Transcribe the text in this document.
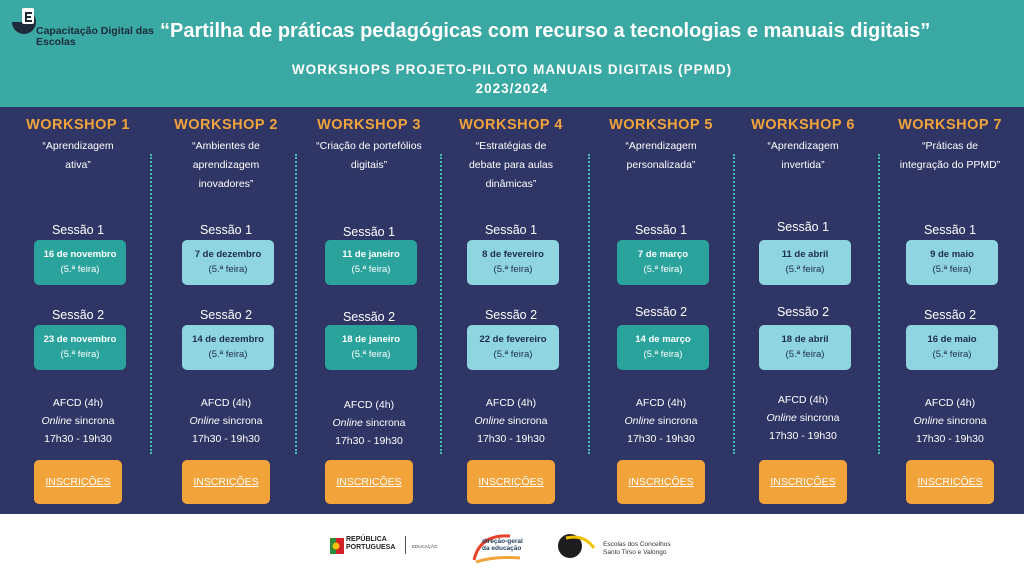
Capacitação Digital das Escolas	“Partilha de práticas pedagógicas com recurso a tecnologias e manuais digitais”
WORKSHOPS PROJETO-PILOTO MANUAIS DIGITAIS (PPMD)
2023/2024
WORKSHOP 1
“Aprendizagem
ativa”
Sessão 1
16 de novembro
(5.ª feira)
Sessão 2
23 de novembro
(5.ª feira)
AFCD (4h)
Online sincrona
17h30 - 19h30
INSCRIÇÕES
WORKSHOP 2
“Ambientes de
aprendizagem
inovadores”
Sessão 1
7 de dezembro
(5.ª feira)
Sessão 2
14 de dezembro
(5.ª feira)
AFCD (4h)
Online sincrona
17h30 - 19h30
INSCRIÇÕES
WORKSHOP 3
“Criação de portefólios
digitais”
Sessão 1
11 de janeiro
(5.ª feira)
Sessão 2
18 de janeiro
(5.ª feira)
AFCD (4h)
Online sincrona
17h30 - 19h30
INSCRIÇÕES
WORKSHOP 4
“Estratégias de
debate para aulas
dinâmicas”
Sessão 1
8 de fevereiro
(5.ª feira)
Sessão 2
22 de fevereiro
(5.ª feira)
AFCD (4h)
Online sincrona
17h30 - 19h30
INSCRIÇÕES
WORKSHOP 5
“Aprendizagem
personalizada”
Sessão 1
7 de março
(5.ª feira)
Sessão 2
14 de março
(5.ª feira)
AFCD (4h)
Online sincrona
17h30 - 19h30
INSCRIÇÕES
WORKSHOP 6
“Aprendizagem
invertida”
Sessão 1
11 de abril
(5.ª feira)
Sessão 2
18 de abril
(5.ª feira)
AFCD (4h)
Online sincrona
17h30 - 19h30
INSCRIÇÕES
WORKSHOP 7
“Práticas de
integração do PPMD”
Sessão 1
9 de maio
(5.ª feira)
Sessão 2
16 de maio
(5.ª feira)
AFCD (4h)
Online sincrona
17h30 - 19h30
INSCRIÇÕES
REPÚBLICA
PORTUGUESA	EDUCAÇÃO
direção-geral
da educação
Escolas dos Concelhos
Santo Tirso e Valongo
